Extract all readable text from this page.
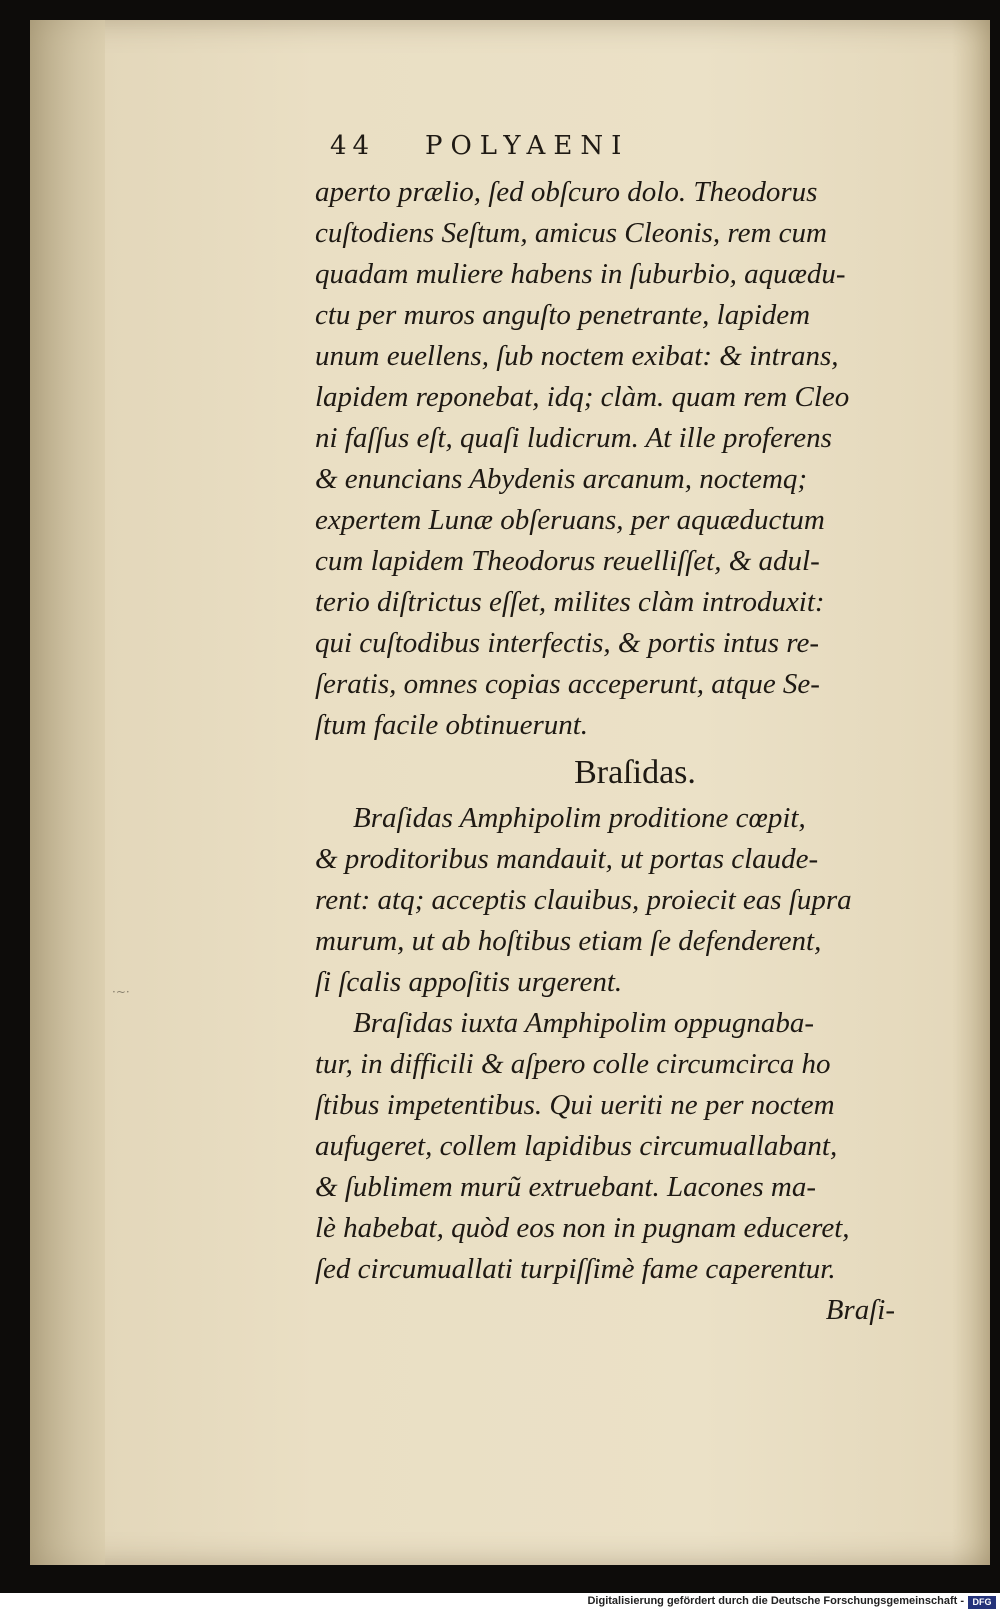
44 POLYAENI
aperto prælio, ſed obſcuro dolo. Theodorus
cuſtodiens Seſtum, amicus Cleonis, rem cum
quadam muliere habens in ſuburbio, aquædu-
ctu per muros anguſto penetrante, lapidem
unum euellens, ſub noctem exibat: & intrans,
lapidem reponebat, idq; clàm. quam rem Cleo
ni faſſus eſt, quaſi ludicrum. At ille proferens
& enuncians Abydenis arcanum, noctemq;
expertem Lunæ obſeruans, per aquæductum
cum lapidem Theodorus reuelliſſet, & adul-
terio diſtrictus eſſet, milites clàm introduxit:
qui cuſtodibus interfectis, & portis intus re-
ſeratis, omnes copias acceperunt, atque Se-
ſtum facile obtinuerunt.
Braſidas.
Braſidas Amphipolim proditione cœpit,
& proditoribus mandauit, ut portas claude-
rent: atq; acceptis clauibus, proiecit eas ſupra
murum, ut ab hoſtibus etiam ſe defenderent,
ſi ſcalis appoſitis urgerent.
Braſidas iuxta Amphipolim oppugnaba-
tur, in difficili & aſpero colle circumcirca ho
ſtibus impetentibus. Qui ueriti ne per noctem
aufugeret, collem lapidibus circumuallabant,
& ſublimem murũ extruebant. Lacones ma-
lè habebat, quòd eos non in pugnam educeret,
ſed circumuallati turpiſſimè fame caperentur.
Braſi-
·~·
Digitalisierung gefördert durch die Deutsche Forschungsgemeinschaft - DFG
